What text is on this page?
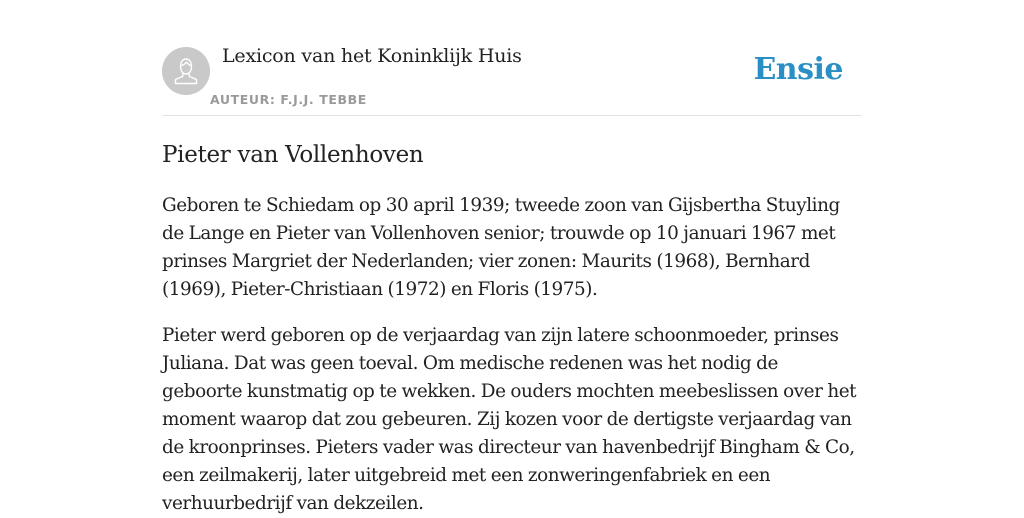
Lexicon van het Koninklijk Huis
AUTEUR: F.J.J. TEBBE
Ensie
Pieter van Vollenhoven

Geboren te Schiedam op 30 april 1939; tweede zoon van Gijsbertha Stuyling de Lange en Pieter van Vollenhoven senior; trouwde op 10 januari 1967 met prinses Margriet der Nederlanden; vier zonen: Maurits (1968), Bernhard (1969), Pieter-Christiaan (1972) en Floris (1975).

Pieter werd geboren op de verjaardag van zijn latere schoonmoeder, prinses Juliana. Dat was geen toeval. Om medische redenen was het nodig de geboorte kunstmatig op te wekken. De ouders mochten meebeslissen over het moment waarop dat zou gebeuren. Zij kozen voor de dertigste verjaardag van de kroonprinses. Pieters vader was directeur van havenbedrijf Bingham & Co, een zeilmakerij, later uitgebreid met een zonweringenfabriek en een verhuurbedrijf van dekzeilen.
